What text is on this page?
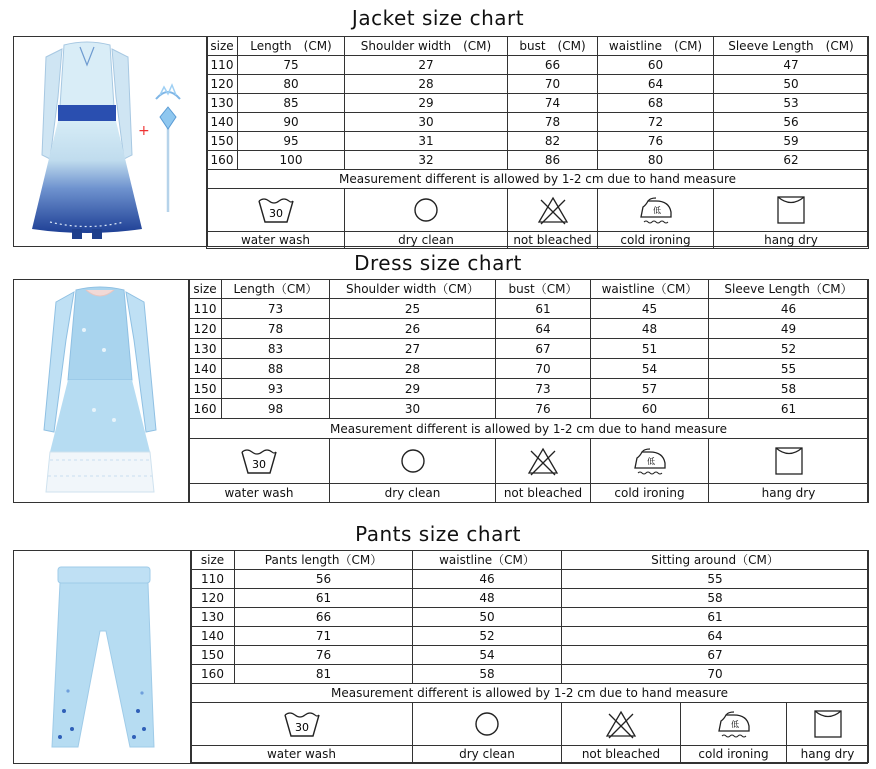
Jacket size chart
+
size	Length　(CM)	Shoulder width　(CM)	bust　(CM)	waistline　(CM)	Sleeve Length　(CM)
110	75	27	66	60	47
120	80	28	70	64	50
130	85	29	74	68	53
140	90	30	78	72	56
150	95	31	82	76	59
160	100	32	86	80	62
Measurement different is allowed by 1-2 cm due to hand measure					

30				低

water wash		dry clean	not bleached	cold ironing	hang dry
Dress size chart
size	Length（CM）	Shoulder width（CM）	bust（CM）	waistline（CM）	Sleeve Length（CM）
110	73	25	61	45	46
120	78	26	64	48	49
130	83	27	67	51	52
140	88	28	70	54	55
150	93	29	73	57	58
160	98	30	76	60	61
Measurement different is allowed by 1-2 cm due to hand measure					

30				低

water wash		dry clean	not bleached	cold ironing	hang dry
Pants size chart
size	Pants length（CM）	waistline（CM）	Sitting around（CM）		
110	56	46	55		
120	61	48	58		
130	66	50	61		
140	71	52	64		
150	76	54	67		
160	81	58	70		
Measurement different is allowed by 1-2 cm due to hand measure					

30				低

water wash		dry clean	not bleached	cold ironing	hang dry
